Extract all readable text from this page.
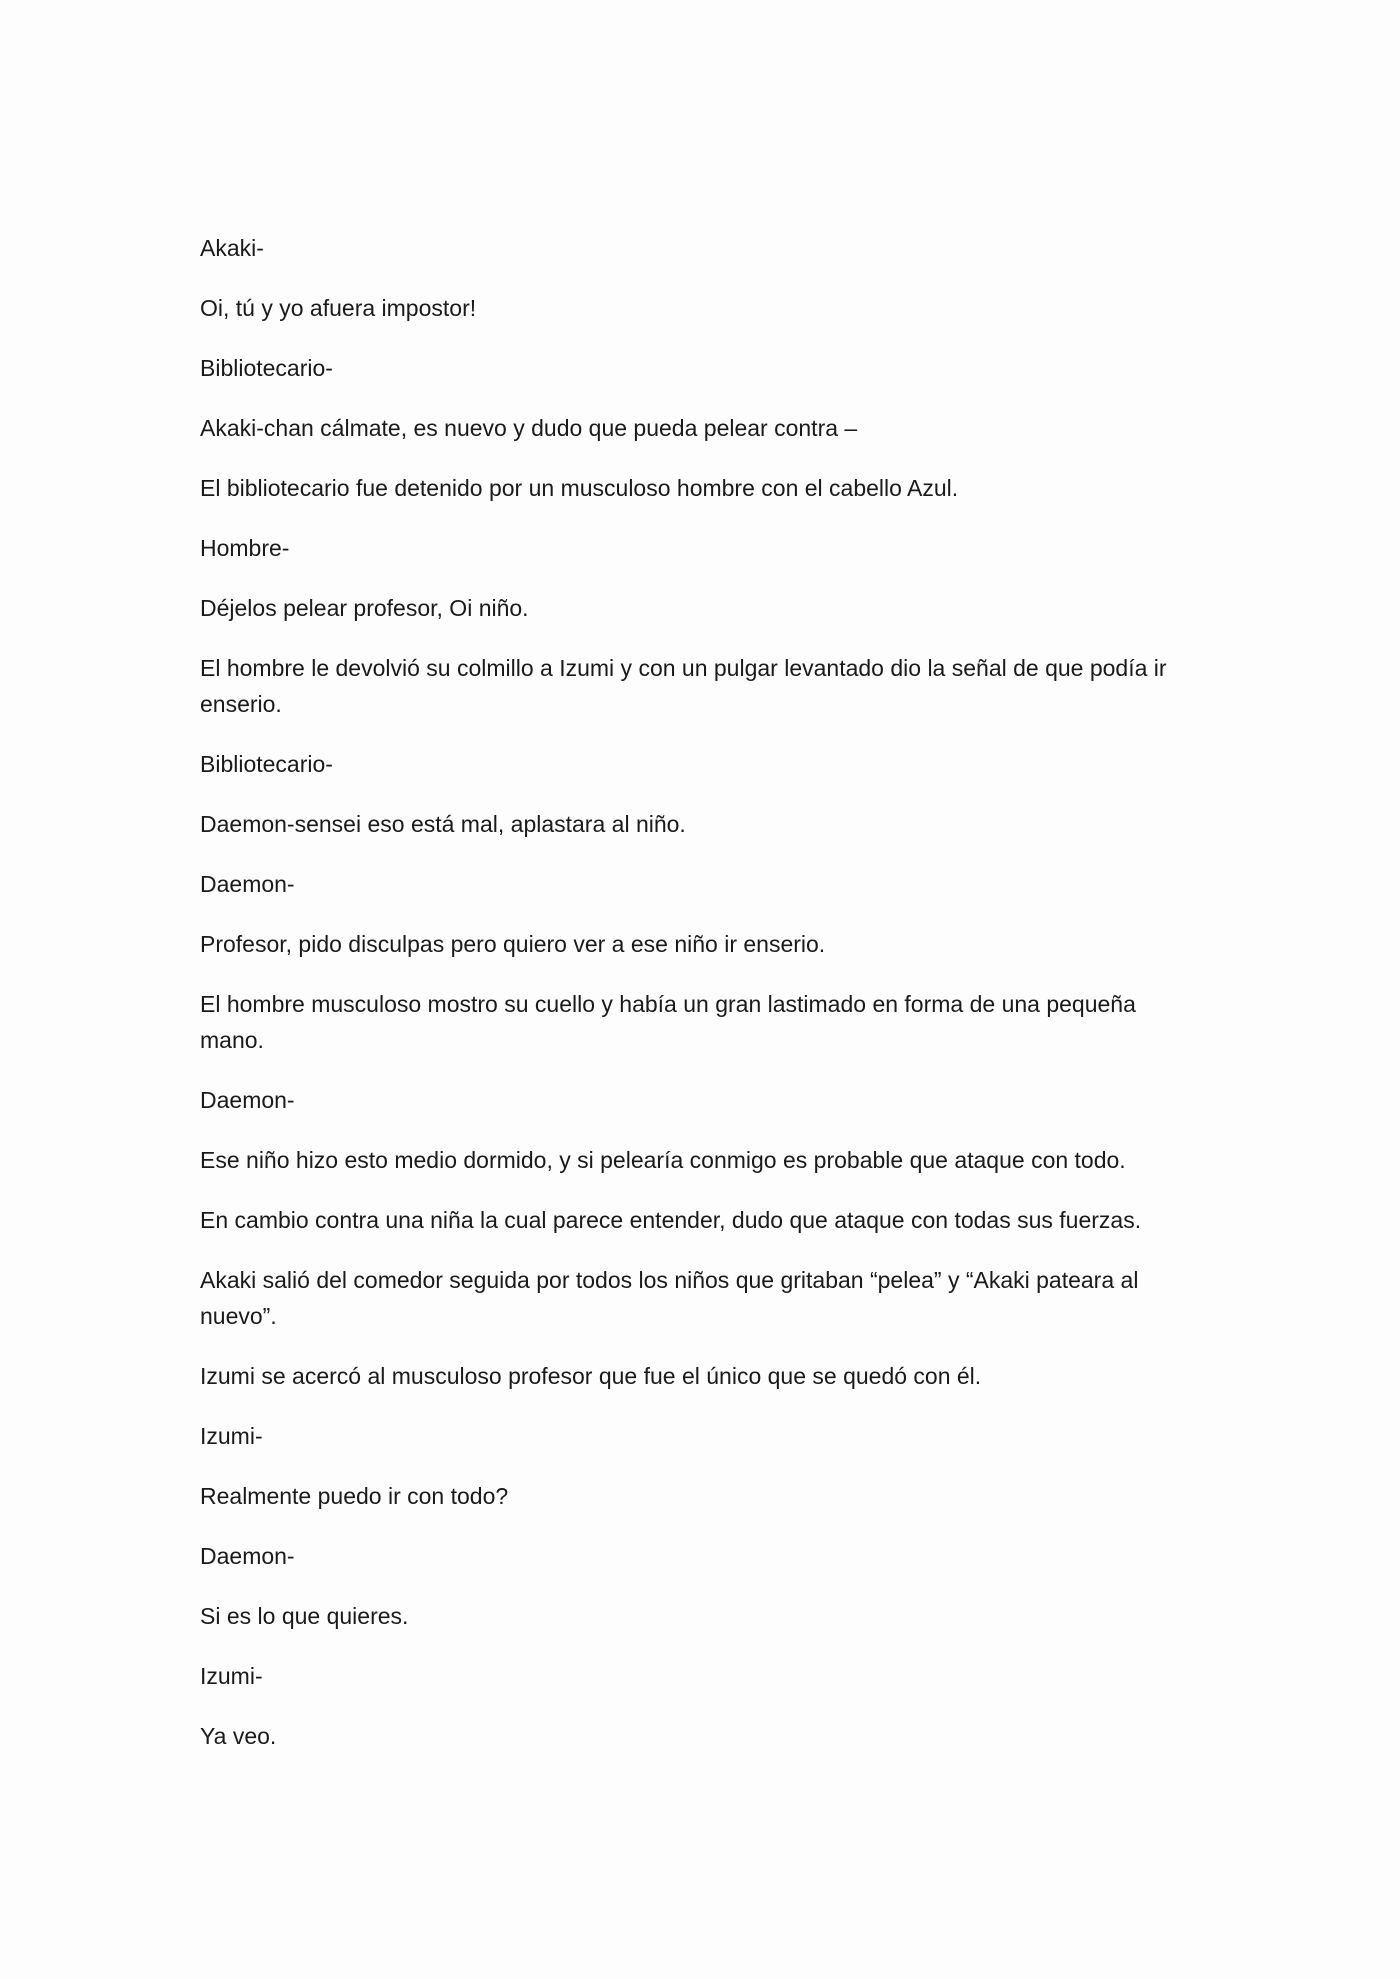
Akaki-

Oi, tú y yo afuera impostor!

Bibliotecario-

Akaki-chan cálmate, es nuevo y dudo que pueda pelear contra –

El bibliotecario fue detenido por un musculoso hombre con el cabello Azul.

Hombre-

Déjelos pelear profesor, Oi niño.

El hombre le devolvió su colmillo a Izumi y con un pulgar levantado dio la señal de que podía ir enserio.

Bibliotecario-

Daemon-sensei eso está mal, aplastara al niño.

Daemon-

Profesor, pido disculpas pero quiero ver a ese niño ir enserio.

El hombre musculoso mostro su cuello y había un gran lastimado en forma de una pequeña mano.

Daemon-

Ese niño hizo esto medio dormido, y si pelearía conmigo es probable que ataque con todo.

En cambio contra una niña la cual parece entender, dudo que ataque con todas sus fuerzas.

Akaki salió del comedor seguida por todos los niños que gritaban “pelea” y “Akaki pateara al nuevo”.

Izumi se acercó al musculoso profesor que fue el único que se quedó con él.

Izumi-

Realmente puedo ir con todo?

Daemon-

Si es lo que quieres.

Izumi-

Ya veo.
